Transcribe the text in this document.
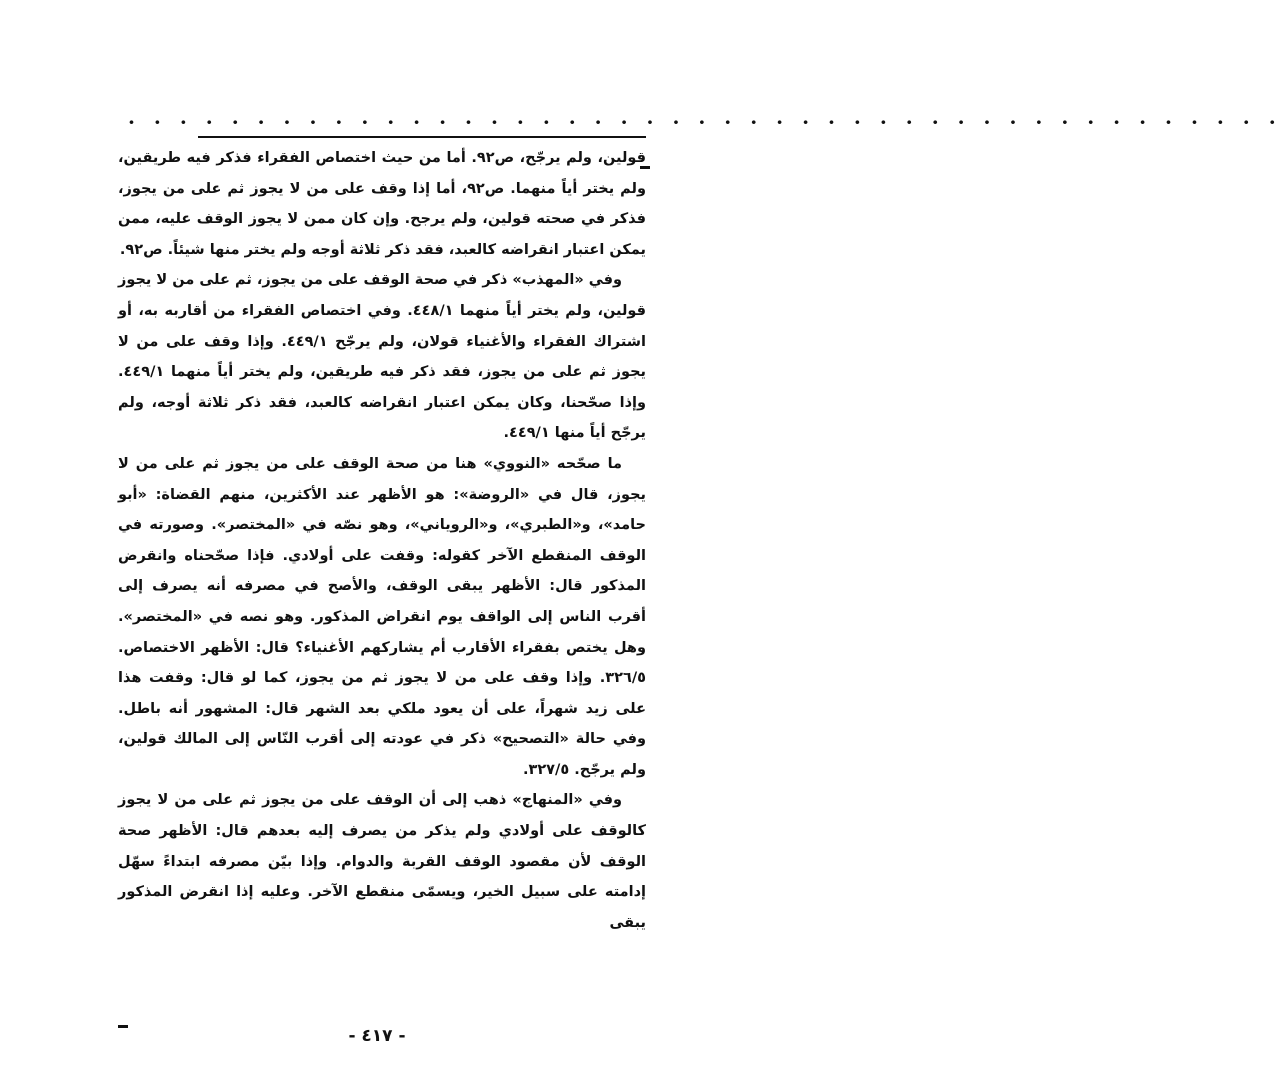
· · · · · · · · · · · · · · · · · · · · · · · · · · · · · · · · · · · · · · · · · · · · ·

قولين، ولم يرجّح، ص٩٢. أما من حيث اختصاص الفقراء فذكر فيه طريقين، ولم يختر أياً منهما. ص٩٢، أما إذا وقف على من لا يجوز ثم على من يجوز، فذكر في صحته قولين، ولم يرجح. وإن كان ممن لا يجوز الوقف عليه، ممن يمكن اعتبار انقراضه كالعبد، فقد ذكر ثلاثة أوجه ولم يختر منها شيئاً. ص٩٢.

وفي «المهذب» ذكر في صحة الوقف على من يجوز، ثم على من لا يجوز قولين، ولم يختر أياً منهما ٤٤٨/١. وفي اختصاص الفقراء من أقاربه به، أو اشتراك الفقراء والأغنياء قولان، ولم يرجّح ٤٤٩/١. وإذا وقف على من لا يجوز ثم على من يجوز، فقد ذكر فيه طريقين، ولم يختر أياً منهما ٤٤٩/١. وإذا صحّحنا، وكان يمكن اعتبار انقراضه كالعبد، فقد ذكر ثلاثة أوجه، ولم يرجّح أياً منها ٤٤٩/١.

ما صحّحه «النووي» هنا من صحة الوقف على من يجوز ثم على من لا يجوز، قال في «الروضة»: هو الأظهر عند الأكثرين، منهم القضاة: «أبو حامد»، و«الطبري»، و«الروياني»، وهو نصّه في «المختصر». وصورته في الوقف المنقطع الآخر كقوله: وقفت على أولادي. فإذا صحّحناه وانقرض المذكور قال: الأظهر يبقى الوقف، والأصح في مصرفه أنه يصرف إلى أقرب الناس إلى الواقف يوم انقراض المذكور. وهو نصه في «المختصر». وهل يختص بفقراء الأقارب أم يشاركهم الأغنياء؟ قال: الأظهر الاختصاص. ٣٢٦/٥. وإذا وقف على من لا يجوز ثم من يجوز، كما لو قال: وقفت هذا على زيد شهراً، على أن يعود ملكي بعد الشهر قال: المشهور أنه باطل. وفي حالة «التصحيح» ذكر في عودته إلى أقرب النّاس إلى المالك قولين، ولم يرجّح. ٣٢٧/٥.

وفي «المنهاج» ذهب إلى أن الوقف على من يجوز ثم على من لا يجوز كالوقف على أولادي ولم يذكر من يصرف إليه بعدهم قال: الأظهر صحة الوقف لأن مقصود الوقف القربة والدوام. وإذا بيّن مصرفه ابتداءً سهّل إدامته على سبيل الخير، ويسمّى منقطع الآخر. وعليه إذا انقرض المذكور يبقى

- ٤١٧ -
